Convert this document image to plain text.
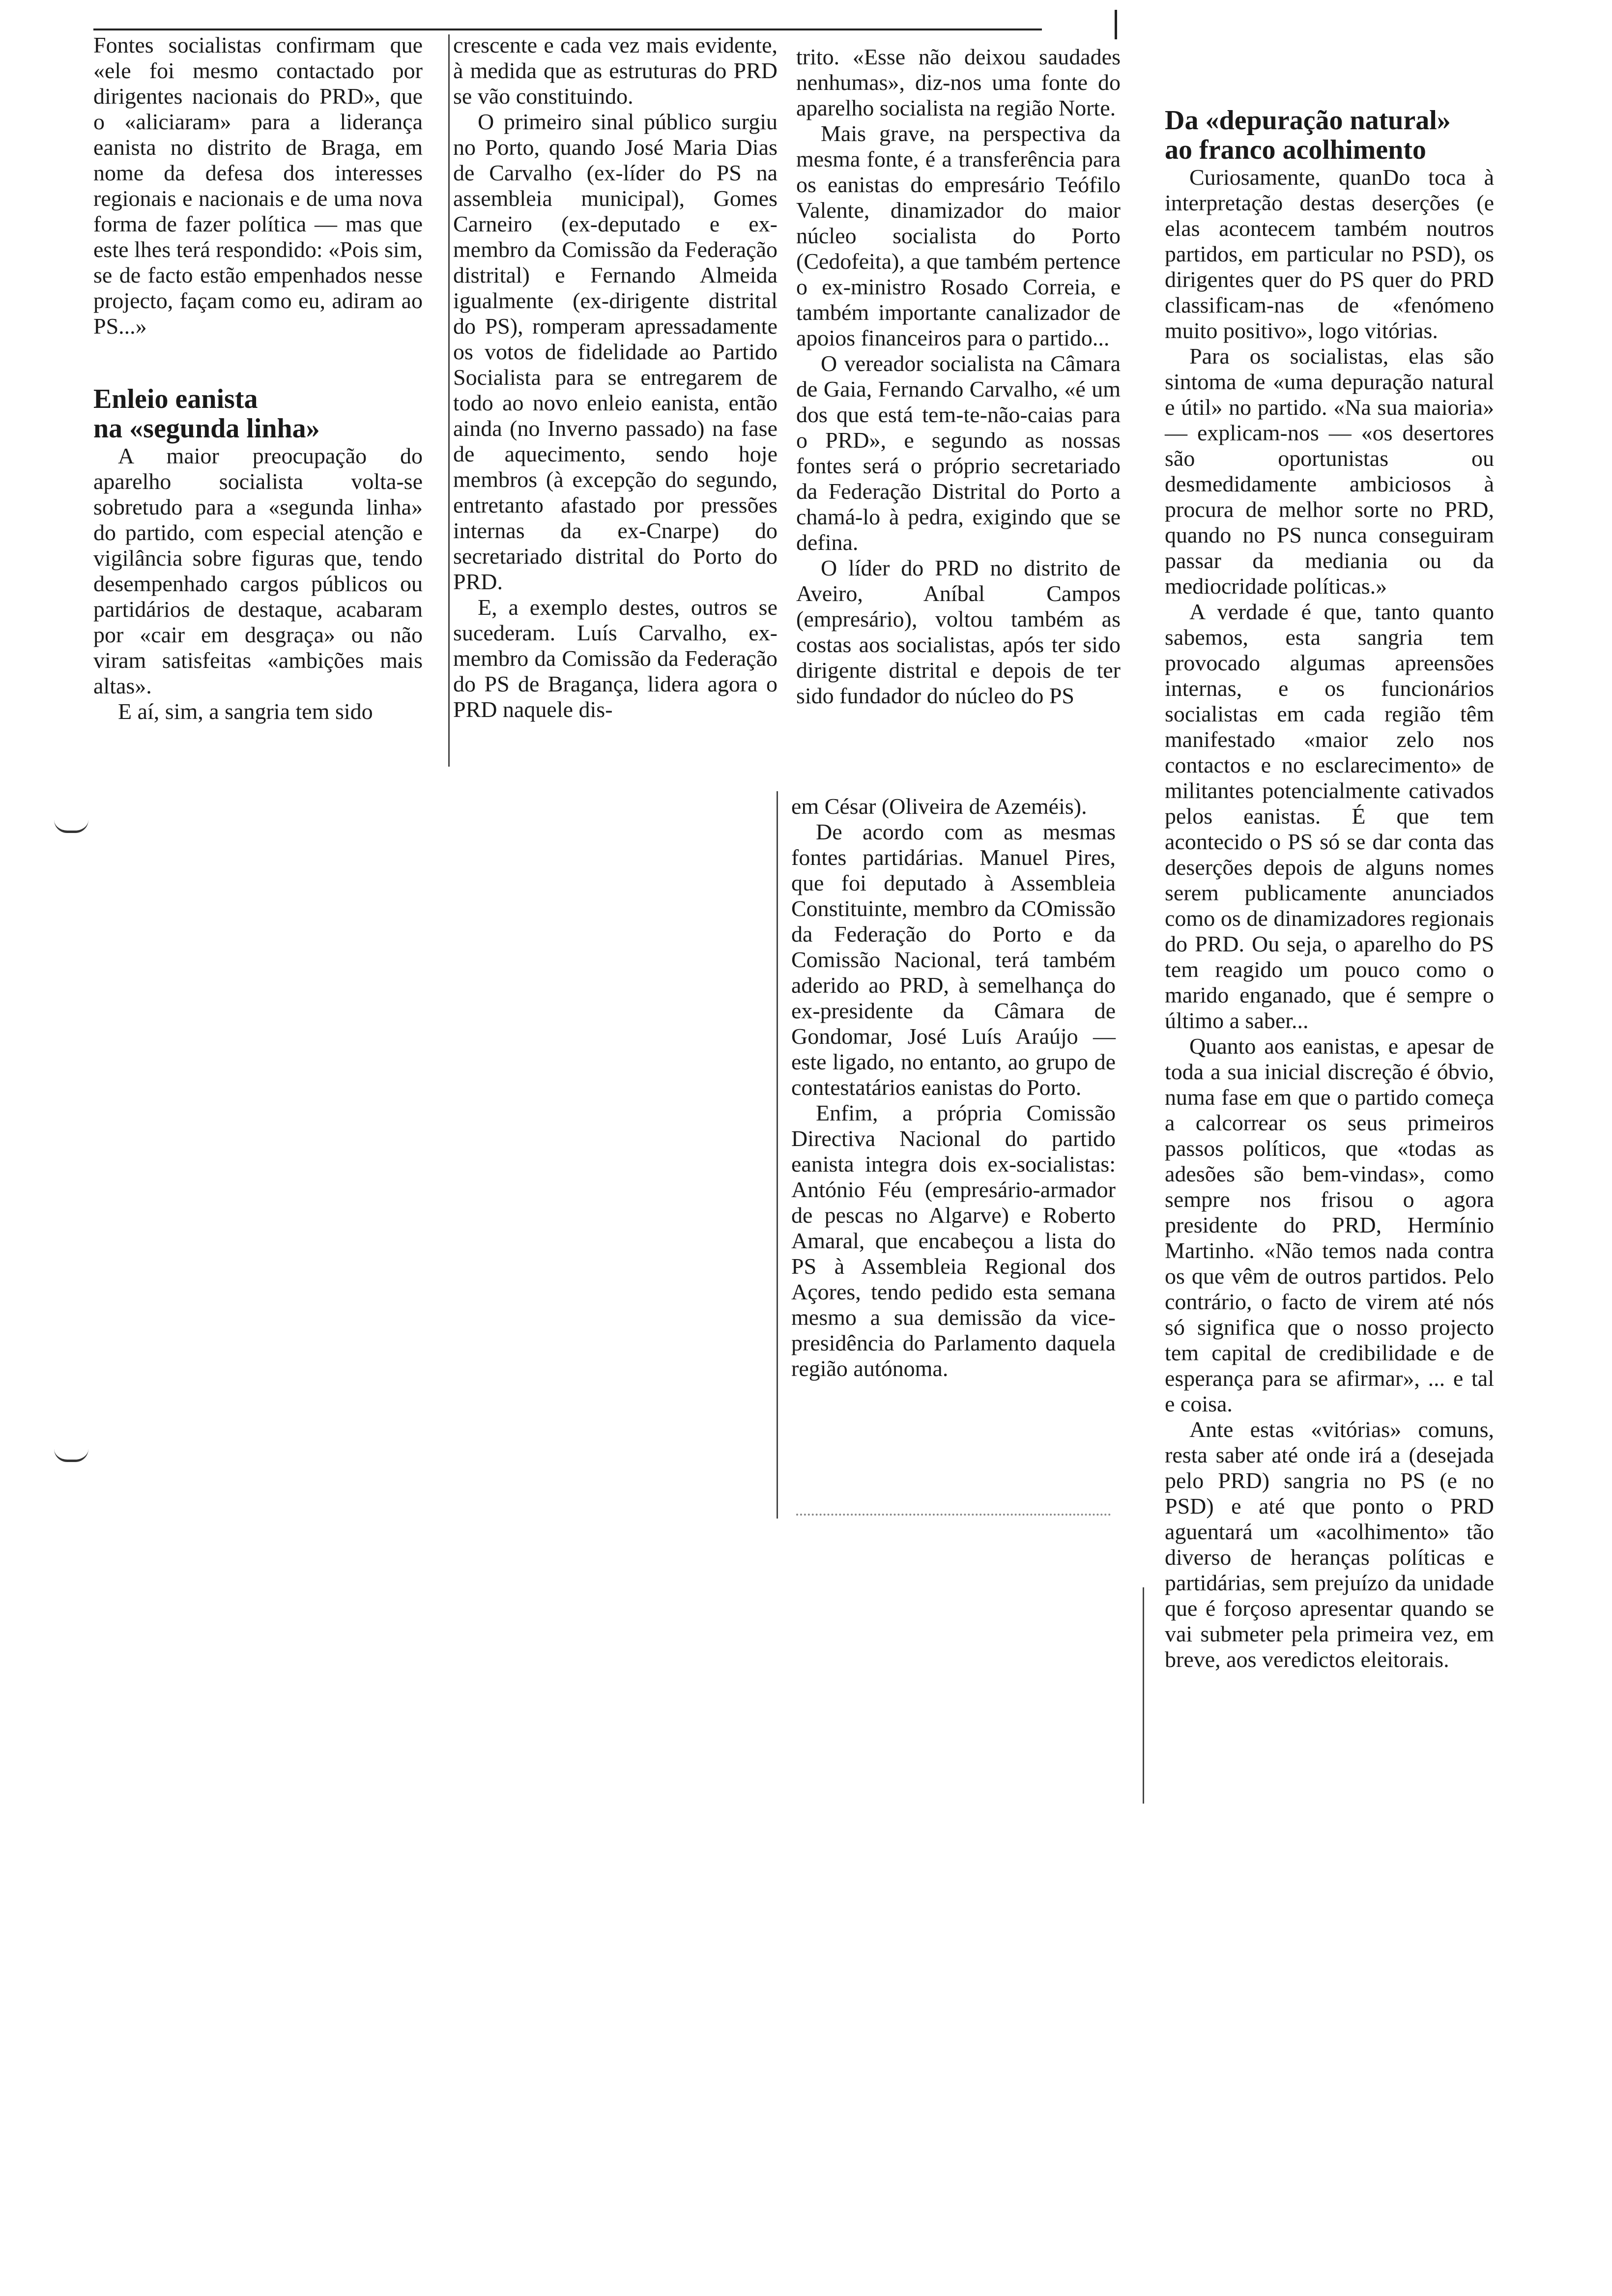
Fontes socialistas confirmam que «ele foi mesmo contactado por dirigentes nacionais do PRD», que o «aliciaram» para a liderança eanista no distrito de Braga, em nome da defesa dos interesses regionais e nacionais e de uma nova forma de fazer política — mas que este lhes terá respondido: «Pois sim, se de facto estão empenhados nesse projecto, façam como eu, adiram ao PS...»

Enleio eanista
na «segunda linha»

A maior preocupação do aparelho socialista volta-se sobretudo para a «segunda linha» do partido, com especial atenção e vigilância sobre figuras que, tendo desempenhado cargos públicos ou partidários de destaque, acabaram por «cair em desgraça» ou não viram satisfeitas «ambições mais altas».

E aí, sim, a sangria tem sido

crescente e cada vez mais evidente, à medida que as estruturas do PRD se vão constituindo.

O primeiro sinal público surgiu no Porto, quando José Maria Dias de Carvalho (ex-líder do PS na assembleia municipal), Gomes Carneiro (ex-deputado e ex-membro da Comissão da Federação distrital) e Fernando Almeida igualmente (ex-dirigente distrital do PS), romperam apressadamente os votos de fidelidade ao Partido Socialista para se entregarem de todo ao novo enleio eanista, então ainda (no Inverno passado) na fase de aquecimento, sendo hoje membros (à excepção do segundo, entretanto afastado por pressões internas da ex-Cnarpe) do secretariado distrital do Porto do PRD.

E, a exemplo destes, outros se sucederam. Luís Carvalho, ex-membro da Comissão da Federação do PS de Bragança, lidera agora o PRD naquele dis-

trito. «Esse não deixou saudades nenhumas», diz-nos uma fonte do aparelho socialista na região Norte.

Mais grave, na perspectiva da mesma fonte, é a transferência para os eanistas do empresário Teófilo Valente, dinamizador do maior núcleo socialista do Porto (Cedofeita), a que também pertence o ex-ministro Rosado Correia, e também importante canalizador de apoios financeiros para o partido...

O vereador socialista na Câmara de Gaia, Fernando Carvalho, «é um dos que está tem-te-não-caias para o PRD», e segundo as nossas fontes será o próprio secretariado da Federação Distrital do Porto a chamá-lo à pedra, exigindo que se defina.

O líder do PRD no distrito de Aveiro, Aníbal Campos (empresário), voltou também as costas aos socialistas, após ter sido dirigente distrital e depois de ter sido fundador do núcleo do PS

em César (Oliveira de Azeméis).

De acordo com as mesmas fontes partidárias. Manuel Pires, que foi deputado à Assembleia Constituinte, membro da COmissão da Federação do Porto e da Comissão Nacional, terá também aderido ao PRD, à semelhança do ex-presidente da Câmara de Gondomar, José Luís Araújo — este ligado, no entanto, ao grupo de contestatários eanistas do Porto.

Enfim, a própria Comissão Directiva Nacional do partido eanista integra dois ex-socialistas: António Féu (empresário-armador de pescas no Algarve) e Roberto Amaral, que encabeçou a lista do PS à Assembleia Regional dos Açores, tendo pedido esta semana mesmo a sua demissão da vice-presidência do Parlamento daquela região autónoma.

Da «depuração natural»
ao franco acolhimento

Curiosamente, quanDo toca à interpretação destas deserções (e elas acontecem também noutros partidos, em particular no PSD), os dirigentes quer do PS quer do PRD classificam-nas de «fenómeno muito positivo», logo vitórias.

Para os socialistas, elas são sintoma de «uma depuração natural e útil» no partido. «Na sua maioria» — explicam-nos — «os desertores são oportunistas ou desmedidamente ambiciosos à procura de melhor sorte no PRD, quando no PS nunca conseguiram passar da mediania ou da mediocridade políticas.»

A verdade é que, tanto quanto sabemos, esta sangria tem provocado algumas apreensões internas, e os funcionários socialistas em cada região têm manifestado «maior zelo nos contactos e no esclarecimento» de militantes potencialmente cativados pelos eanistas. É que tem acontecido o PS só se dar conta das deserções depois de alguns nomes serem publicamente anunciados como os de dinamizadores regionais do PRD. Ou seja, o aparelho do PS tem reagido um pouco como o marido enganado, que é sempre o último a saber...

Quanto aos eanistas, e apesar de toda a sua inicial discreção é óbvio, numa fase em que o partido começa a calcorrear os seus primeiros passos políticos, que «todas as adesões são bem-vindas», como sempre nos frisou o agora presidente do PRD, Hermínio Martinho. «Não temos nada contra os que vêm de outros partidos. Pelo contrário, o facto de virem até nós só significa que o nosso projecto tem capital de credibilidade e de esperança para se afirmar», ... e tal e coisa.

Ante estas «vitórias» comuns, resta saber até onde irá a (desejada pelo PRD) sangria no PS (e no PSD) e até que ponto o PRD aguentará um «acolhimento» tão diverso de heranças políticas e partidárias, sem prejuízo da unidade que é forçoso apresentar quando se vai submeter pela primeira vez, em breve, aos veredictos eleitorais.
